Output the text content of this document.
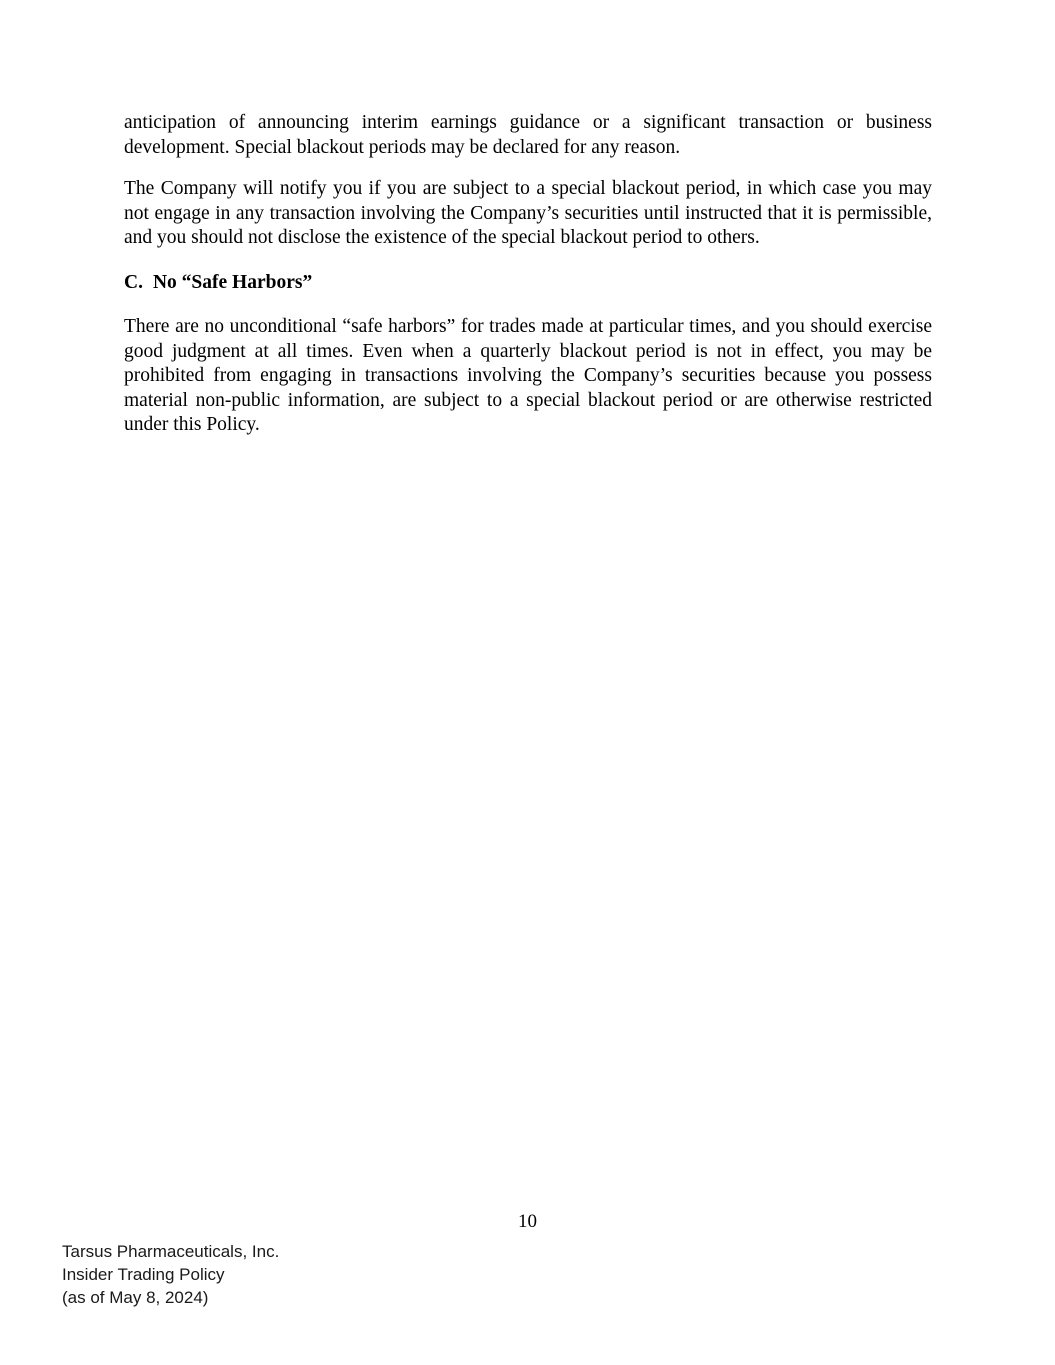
anticipation of announcing interim earnings guidance or a significant transaction or business development. Special blackout periods may be declared for any reason.

The Company will notify you if you are subject to a special blackout period, in which case you may not engage in any transaction involving the Company’s securities until instructed that it is permissible, and you should not disclose the existence of the special blackout period to others.

C. No “Safe Harbors”

There are no unconditional “safe harbors” for trades made at particular times, and you should exercise good judgment at all times. Even when a quarterly blackout period is not in effect, you may be prohibited from engaging in transactions involving the Company’s securities because you possess material non-public information, are subject to a special blackout period or are otherwise restricted under this Policy.

10
Tarsus Pharmaceuticals, Inc.
Insider Trading Policy
(as of May 8, 2024)
